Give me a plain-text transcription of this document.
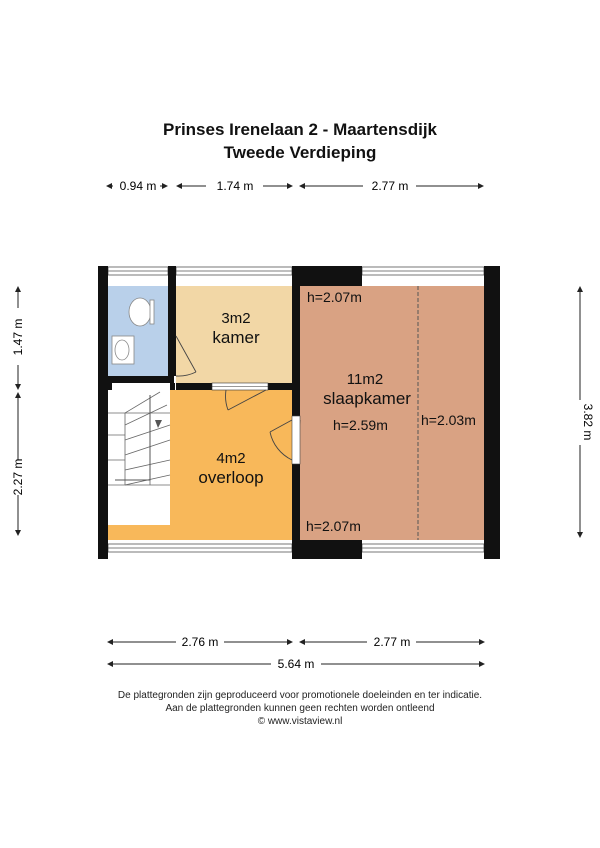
Prinses Irenelaan 2 - Maartensdijk
Tweede Verdieping
0.94 m	1.74 m	2.77 m
2.76 m	2.77 m
5.64 m
1.47 m
2.27 m
3.82 m
3m2
kamer
4m2
overloop
11m2
slaapkamer
h=2.07m
h=2.07m
h=2.59m h=2.03m
De plattegronden zijn geproduceerd voor promotionele doeleinden en ter indicatie.
Aan de plattegronden kunnen geen rechten worden ontleend
© www.vistaview.nl
